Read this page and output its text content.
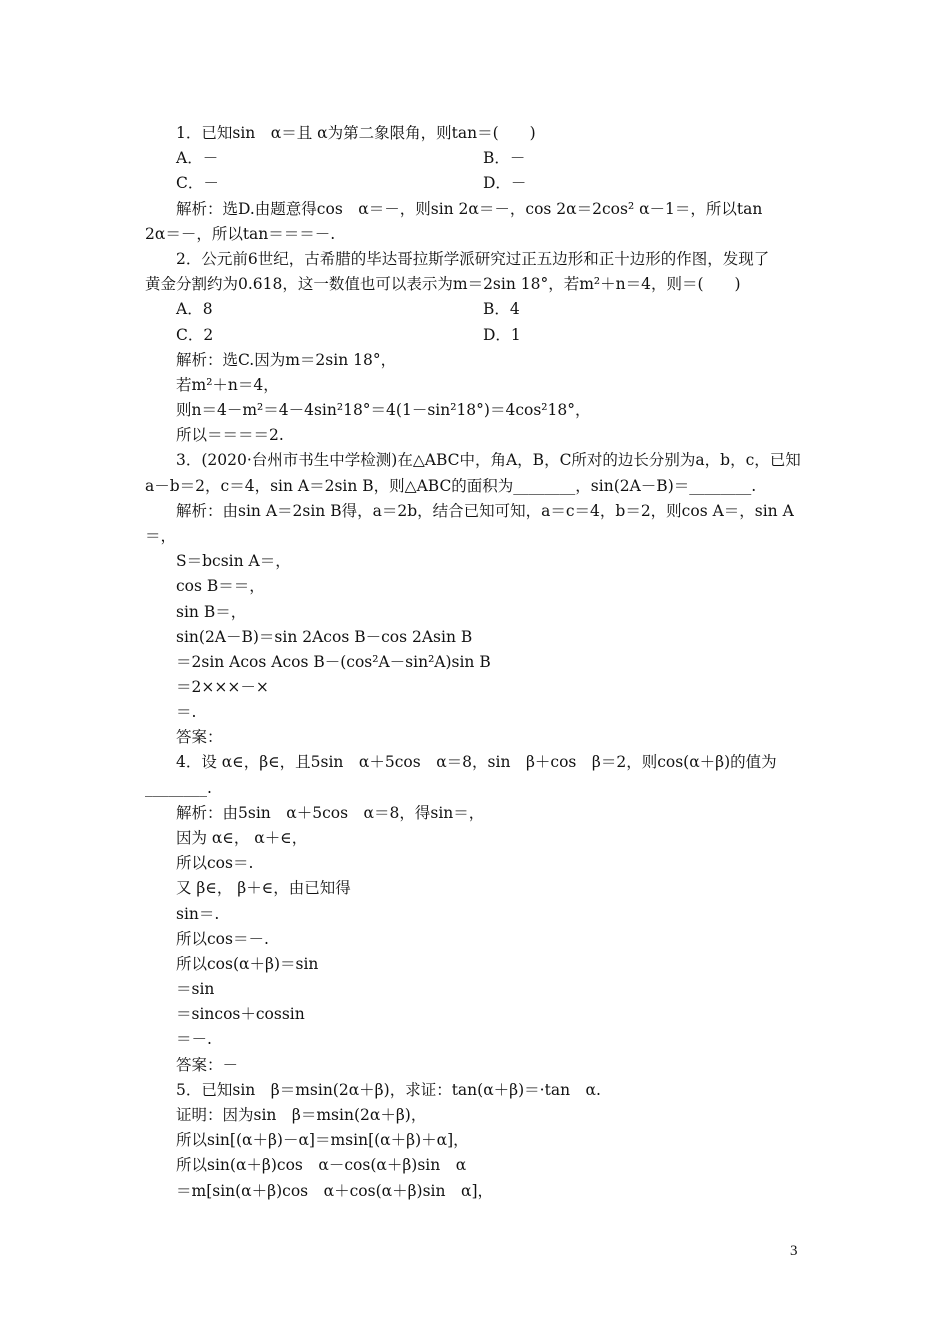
1．已知sin　α＝且 α为第二象限角，则tan＝(　　)
A．－	B．－
C．－	D．－
解析：选D.由题意得cos　α＝－，则sin 2α＝－，cos 2α＝2cos² α－1＝，所以tan
2α＝－，所以tan＝＝＝－.
2．公元前6世纪，古希腊的毕达哥拉斯学派研究过正五边形和正十边形的作图，发现了
黄金分割约为0.618，这一数值也可以表示为m＝2sin 18°，若m²＋n＝4，则＝(　　)
A．8	B．4
C．2	D．1
解析：选C.因为m＝2sin 18°，
若m²＋n＝4，
则n＝4－m²＝4－4sin²18°＝4(1－sin²18°)＝4cos²18°，
所以＝＝＝＝2.
3．(2020·台州市书生中学检测)在△ABC中，角A，B，C所对的边长分别为a，b，c，已知
a－b＝2，c＝4，sin A＝2sin B，则△ABC的面积为________，sin(2A－B)＝________.
解析：由sin A＝2sin B得，a＝2b，结合已知可知，a＝c＝4，b＝2，则cos A＝，sin A
＝，
S＝bcsin A＝，
cos B＝＝，
sin B＝，
sin(2A－B)＝sin 2Acos B－cos 2Asin B
＝2sin Acos Acos B－(cos²A－sin²A)sin B
＝2×××－×
＝.
答案：
4．设 α∈，β∈，且5sin　α＋5cos　α＝8，sin　β＋cos　β＝2，则cos(α＋β)的值为
________.
解析：由5sin　α＋5cos　α＝8，得sin＝，
因为 α∈， α＋∈，
所以cos＝.
又 β∈， β＋∈，由已知得
sin＝.
所以cos＝－.
所以cos(α＋β)＝sin
＝sin
＝sincos＋cossin
＝－.
答案：－
5．已知sin　β＝msin(2α＋β)，求证：tan(α＋β)＝·tan　α.
证明：因为sin　β＝msin(2α＋β)，
所以sin[(α＋β)－α]＝msin[(α＋β)＋α]，
所以sin(α＋β)cos　α－cos(α＋β)sin　α
＝m[sin(α＋β)cos　α＋cos(α＋β)sin　α]，
3
